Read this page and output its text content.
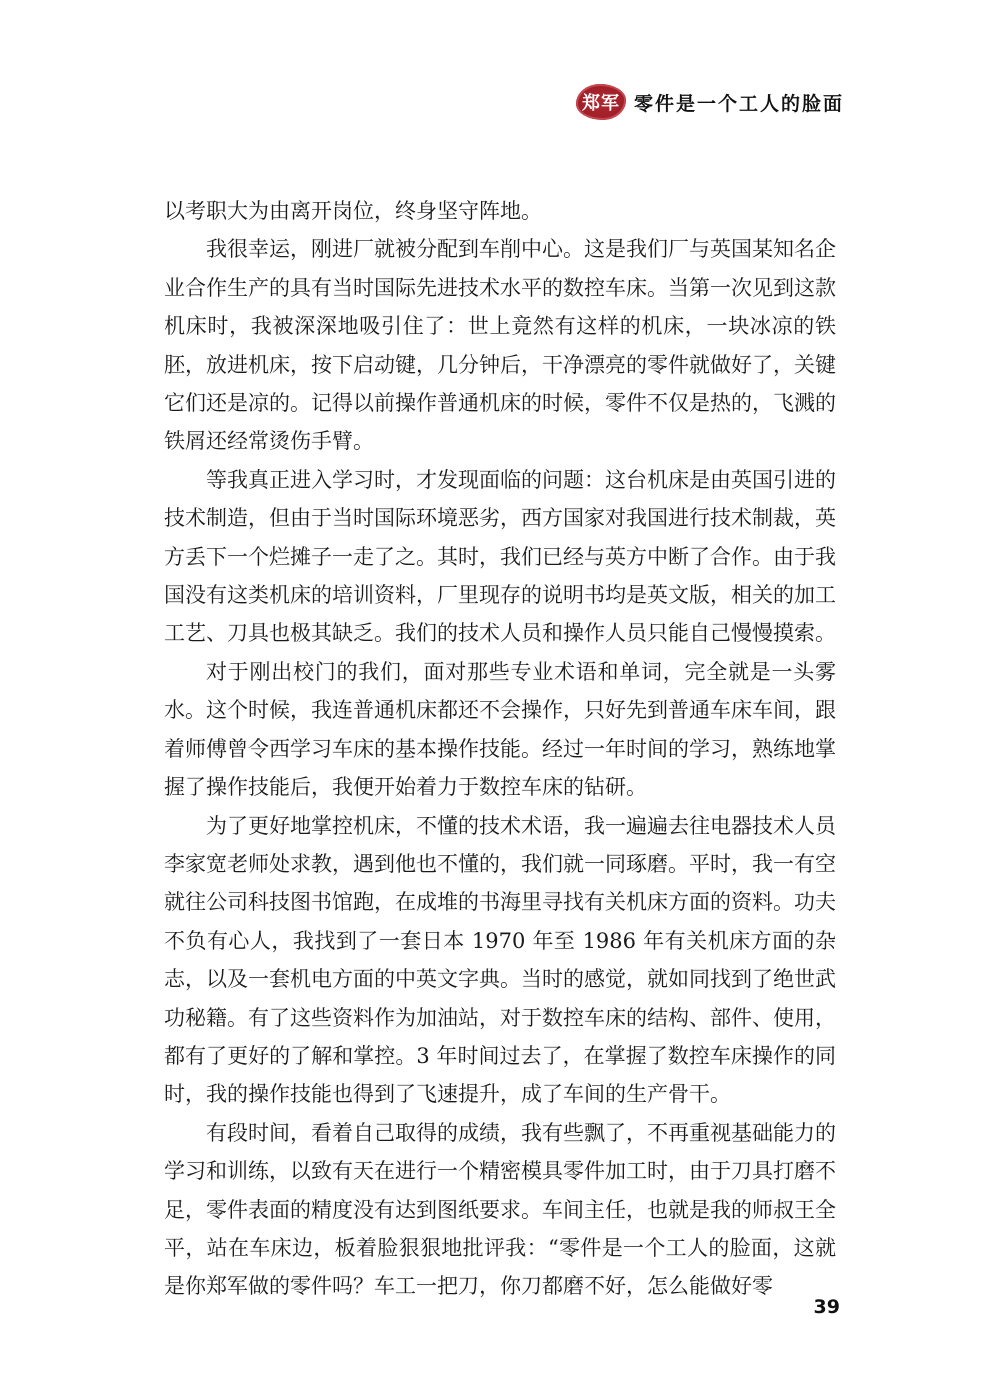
郑军 零件是一个工人的脸面

以考职大为由离开岗位，终身坚守阵地。

我很幸运，刚进厂就被分配到车削中心。这是我们厂与英国某知名企业合作生产的具有当时国际先进技术水平的数控车床。当第一次见到这款机床时，我被深深地吸引住了：世上竟然有这样的机床，一块冰凉的铁胚，放进机床，按下启动键，几分钟后，干净漂亮的零件就做好了，关键它们还是凉的。记得以前操作普通机床的时候，零件不仅是热的，飞溅的铁屑还经常烫伤手臂。

等我真正进入学习时，才发现面临的问题：这台机床是由英国引进的技术制造，但由于当时国际环境恶劣，西方国家对我国进行技术制裁，英方丢下一个烂摊子一走了之。其时，我们已经与英方中断了合作。由于我国没有这类机床的培训资料，厂里现存的说明书均是英文版，相关的加工工艺、刀具也极其缺乏。我们的技术人员和操作人员只能自己慢慢摸索。

对于刚出校门的我们，面对那些专业术语和单词，完全就是一头雾水。这个时候，我连普通机床都还不会操作，只好先到普通车床车间，跟着师傅曾令西学习车床的基本操作技能。经过一年时间的学习，熟练地掌握了操作技能后，我便开始着力于数控车床的钻研。

为了更好地掌控机床，不懂的技术术语，我一遍遍去往电器技术人员李家宽老师处求教，遇到他也不懂的，我们就一同琢磨。平时，我一有空就往公司科技图书馆跑，在成堆的书海里寻找有关机床方面的资料。功夫不负有心人，我找到了一套日本 1970 年至 1986 年有关机床方面的杂志，以及一套机电方面的中英文字典。当时的感觉，就如同找到了绝世武功秘籍。有了这些资料作为加油站，对于数控车床的结构、部件、使用，都有了更好的了解和掌控。3 年时间过去了，在掌握了数控车床操作的同时，我的操作技能也得到了飞速提升，成了车间的生产骨干。

有段时间，看着自己取得的成绩，我有些飘了，不再重视基础能力的学习和训练，以致有天在进行一个精密模具零件加工时，由于刀具打磨不足，零件表面的精度没有达到图纸要求。车间主任，也就是我的师叔王全平，站在车床边，板着脸狠狠地批评我：“零件是一个工人的脸面，这就是你郑军做的零件吗？车工一把刀，你刀都磨不好，怎么能做好零

39
